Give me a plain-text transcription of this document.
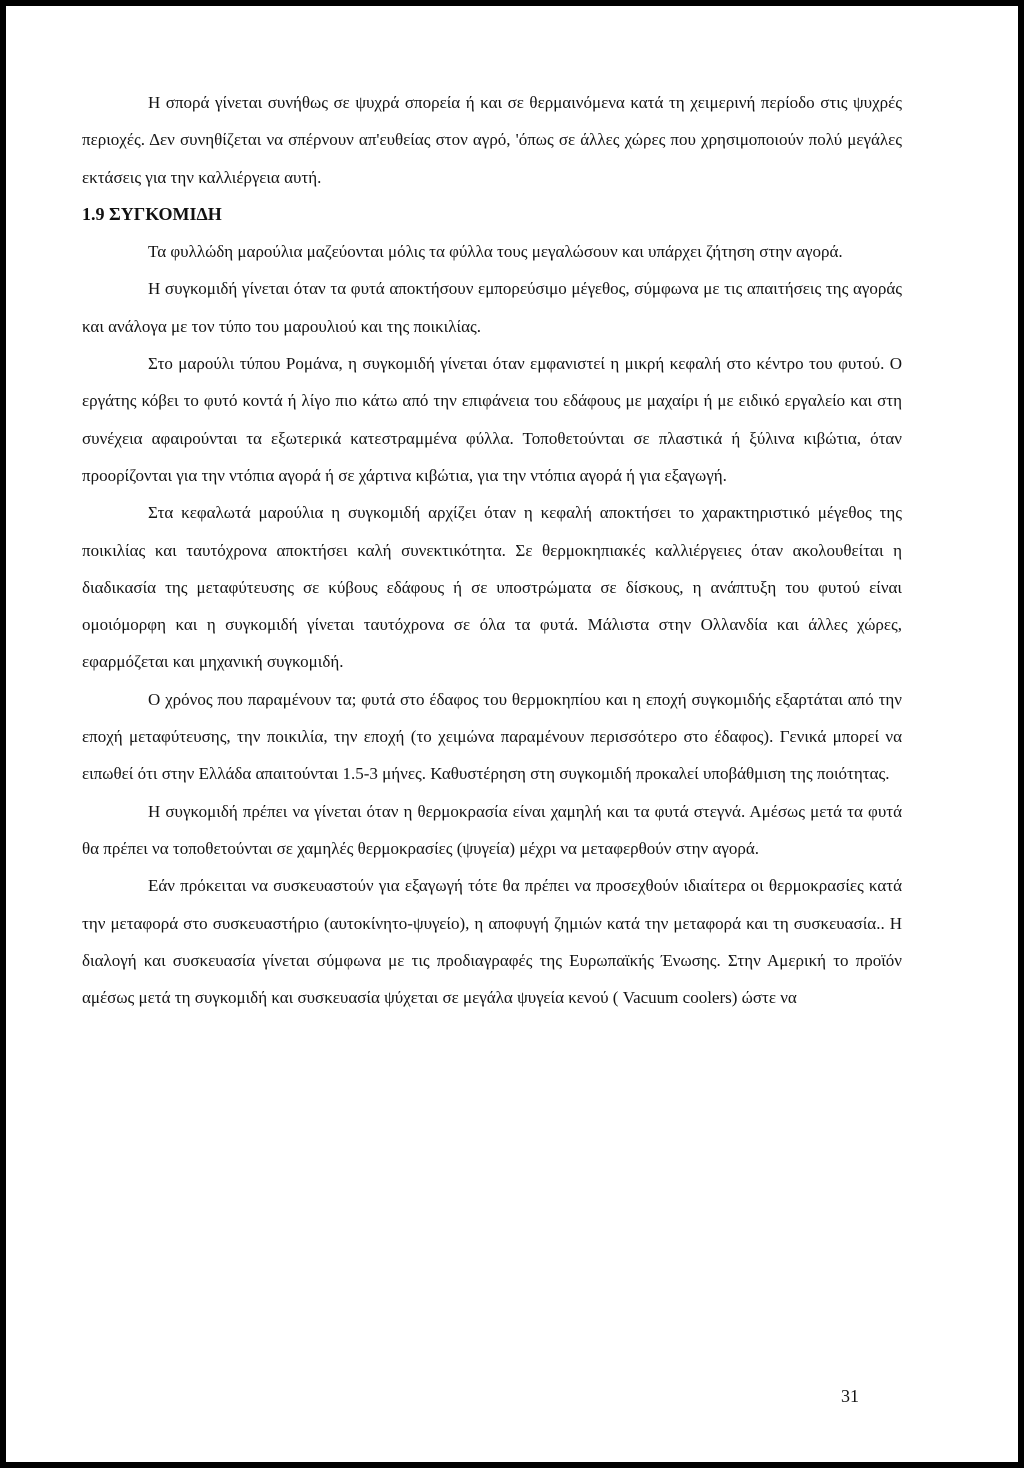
Η σπορά γίνεται συνήθως σε ψυχρά σπορεία ή και σε θερμαινόμενα κατά τη χειμερινή περίοδο στις ψυχρές περιοχές. Δεν συνηθίζεται να σπέρνουν απ'ευθείας στον αγρό, 'όπως σε άλλες χώρες που χρησιμοποιούν πολύ μεγάλες εκτάσεις για την καλλιέργεια αυτή.

1.9 ΣΥΓΚΟΜΙΔΗ

Τα φυλλώδη μαρούλια μαζεύονται μόλις τα φύλλα τους μεγαλώσουν και υπάρχει ζήτηση στην αγορά.

Η συγκομιδή γίνεται όταν τα φυτά αποκτήσουν εμπορεύσιμο μέγεθος, σύμφωνα με τις απαιτήσεις της αγοράς και ανάλογα με τον τύπο του μαρουλιού και της ποικιλίας.

Στο μαρούλι τύπου Ρομάνα, η συγκομιδή γίνεται όταν εμφανιστεί η μικρή κεφαλή στο κέντρο του φυτού. Ο εργάτης κόβει το φυτό κοντά ή λίγο πιο κάτω από την επιφάνεια του εδάφους με μαχαίρι ή με ειδικό εργαλείο και στη συνέχεια αφαιρούνται τα εξωτερικά κατεστραμμένα φύλλα. Τοποθετούνται σε πλαστικά ή ξύλινα κιβώτια, όταν προορίζονται για την ντόπια αγορά ή σε χάρτινα κιβώτια, για την ντόπια αγορά ή για εξαγωγή.

Στα κεφαλωτά μαρούλια η συγκομιδή αρχίζει όταν η κεφαλή αποκτήσει το χαρακτηριστικό μέγεθος της ποικιλίας και ταυτόχρονα αποκτήσει καλή συνεκτικότητα. Σε θερμοκηπιακές καλλιέργειες όταν ακολουθείται η διαδικασία της μεταφύτευσης σε κύβους εδάφους ή σε υποστρώματα σε δίσκους, η ανάπτυξη του φυτού είναι ομοιόμορφη και η συγκομιδή γίνεται ταυτόχρονα σε όλα τα φυτά. Μάλιστα στην Ολλανδία και άλλες χώρες, εφαρμόζεται και μηχανική συγκομιδή.

Ο χρόνος που παραμένουν τα; φυτά στο έδαφος του θερμοκηπίου και η εποχή συγκομιδής εξαρτάται από την εποχή μεταφύτευσης, την ποικιλία, την εποχή (το χειμώνα παραμένουν περισσότερο στο έδαφος). Γενικά μπορεί να ειπωθεί ότι στην Ελλάδα απαιτούνται 1.5-3 μήνες. Καθυστέρηση στη συγκομιδή προκαλεί υποβάθμιση της ποιότητας.

Η συγκομιδή πρέπει να γίνεται όταν η θερμοκρασία είναι χαμηλή και τα φυτά στεγνά. Αμέσως μετά τα φυτά θα πρέπει να τοποθετούνται σε χαμηλές θερμοκρασίες (ψυγεία) μέχρι να μεταφερθούν στην αγορά.

Εάν πρόκειται να συσκευαστούν για εξαγωγή τότε θα πρέπει να προσεχθούν ιδιαίτερα οι θερμοκρασίες κατά την μεταφορά στο συσκευαστήριο (αυτοκίνητο-ψυγείο), η αποφυγή ζημιών κατά την μεταφορά και τη συσκευασία.. Η διαλογή και συσκευασία γίνεται σύμφωνα με τις προδιαγραφές της Ευρωπαϊκής Ένωσης. Στην Αμερική το προϊόν αμέσως μετά τη συγκομιδή και συσκευασία ψύχεται σε μεγάλα ψυγεία κενού ( Vacuum coolers) ώστε να

31
